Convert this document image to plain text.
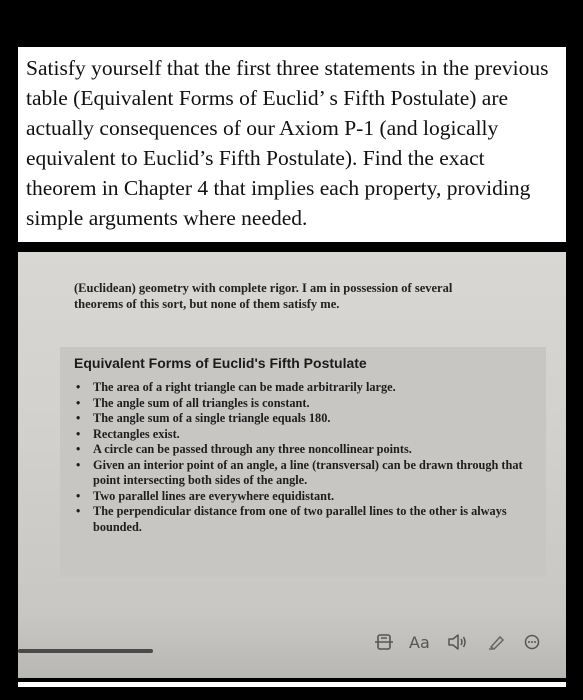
Satisfy yourself that the first three statements in the previous table (Equivalent Forms of Euclid’ s Fifth Postulate) are actually consequences of our Axiom P-1 (and logically equivalent to Euclid’s Fifth Postulate). Find the exact theorem in Chapter 4 that implies each property, providing simple arguments where needed.

(Euclidean) geometry with complete rigor. I am in possession of several

theorems of this sort, but none of them satisfy me.

Equivalent Forms of Euclid's Fifth Postulate

• The area of a right triangle can be made arbitrarily large.
• The angle sum of all triangles is constant.
• The angle sum of a single triangle equals 180.
• Rectangles exist.
• A circle can be passed through any three noncollinear points.
• Given an interior point of an angle, a line (transversal) can be drawn through that point intersecting both sides of the angle.
• Two parallel lines are everywhere equidistant.
• The perpendicular distance from one of two parallel lines to the other is always bounded.
Aa
